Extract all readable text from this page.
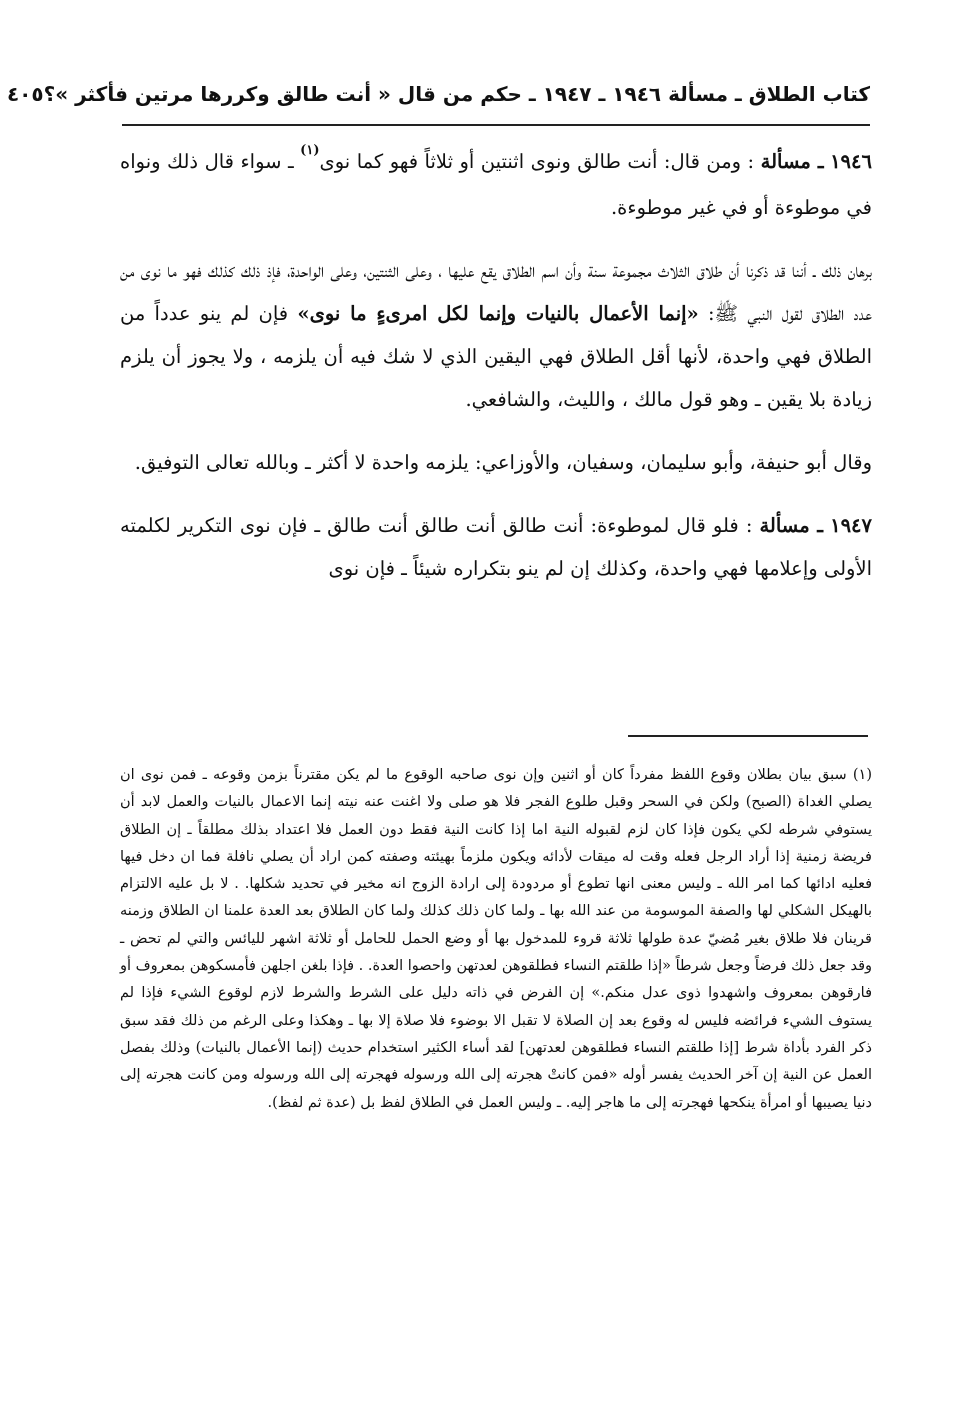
كتاب الطلاق ـ مسألة ١٩٤٦ ـ ١٩٤٧ ـ حكم من قال « أنت طالق وكررها مرتين فأكثر »؟
٤٠٥

١٩٤٦ ـ مسألة : ومن قال: أنت طالق ونوى اثنتين أو ثلاثاً فهو كما نوى$^{(١)}$ ـ سواء قال ذلك ونواه في موطوءة أو في غير موطوءة.

برهان ذلك ـ أننا قد ذكرنا أن طلاق الثلاث مجموعة سنة وأن اسم الطلاق يقع عليها ، وعلى الثنتين، وعلى الواحدة، فإذ ذلك كذلك فهو ما نوى من عدد الطلاق لقول النبي ﷺ: «إنما الأعمال بالنيات وإنما لكل امرىءٍ ما نوى» فإن لم ينو عدداً من الطلاق فهي واحدة، لأنها أقل الطلاق فهي اليقين الذي لا شك فيه أن يلزمه ، ولا يجوز أن يلزم زيادة بلا يقين ـ وهو قول مالك ، والليث، والشافعي.

وقال أبو حنيفة، وأبو سليمان، وسفيان، والأوزاعي: يلزمه واحدة لا أكثر ـ وبالله تعالى التوفيق.

١٩٤٧ ـ مسألة : فلو قال لموطوءة: أنت طالق أنت طالق أنت طالق ـ فإن نوى التكرير لكلمته الأولى وإعلامها فهي واحدة، وكذلك إن لم ينو بتكراره شيئاً ـ فإن نوى

(١) سبق بيان بطلان وقوع اللفظ مفرداً كان أو اثنين وإن نوى صاحبه الوقوع ما لم يكن مقترناً بزمن وقوعه ـ فمن نوى ان يصلي الغداة (الصبح) ولكن في السحر وقبل طلوع الفجر فلا هو صلى ولا اغنت عنه نيته إنما الاعمال بالنيات والعمل لابد أن يستوفي شرطه لكي يكون فإذا كان لزم لقبوله النية اما إذا كانت النية فقط دون العمل فلا اعتداد بذلك مطلقاً ـ إن الطلاق فريضة زمنية إذا أراد الرجل فعله وقت له ميقات لأدائه ويكون ملزماً بهيئته وصفته كمن اراد أن يصلي نافلة فما ان دخل فيها فعليه ادائها كما امر الله ـ وليس معنى انها تطوع أو مردودة إلى ارادة الزوج انه مخير في تحديد شكلها. . لا بل عليه الالتزام بالهيكل الشكلي لها والصفة الموسومة من عند الله بها ـ ولما كان ذلك كذلك ولما كان الطلاق بعد العدة علمنا ان الطلاق وزمنه قرينان فلا طلاق بغير مُضيّ عدة طولها ثلاثة قروء للمدخول بها أو وضع الحمل للحامل أو ثلاثة اشهر لليائس والتي لم تحض ـ وقد جعل ذلك فرضاً وجعل شرطاً «إذا طلقتم النساء فطلقوهن لعدتهن واحصوا العدة. . فإذا بلغن اجلهن فأمسكوهن بمعروف أو فارقوهن بمعروف واشهدوا ذوى عدل منكم.» إن الفرض في ذاته دليل على الشرط والشرط لازم لوقوع الشيء فإذا لم يستوف الشيء فرائضه فليس له وقوع بعد إن الصلاة لا تقبل الا بوضوء فلا صلاة إلا بها ـ وهكذا وعلى الرغم من ذلك فقد سبق ذكر الفرد بأداة شرط [إذا طلقتم النساء فطلقوهن لعدتهن] لقد أساء الكثير استخدام حديث (إنما الأعمال بالنيات) وذلك بفصل العمل عن النية إن آخر الحديث يفسر أوله «فمن كانتْ هجرته إلى الله ورسوله فهجرته إلى الله ورسوله ومن كانت هجرته إلى دنيا يصيبها أو امرأة ينكحها فهجرته إلى ما هاجر إليه. ـ وليس العمل في الطلاق لفظ بل (عدة ثم لفظ).
